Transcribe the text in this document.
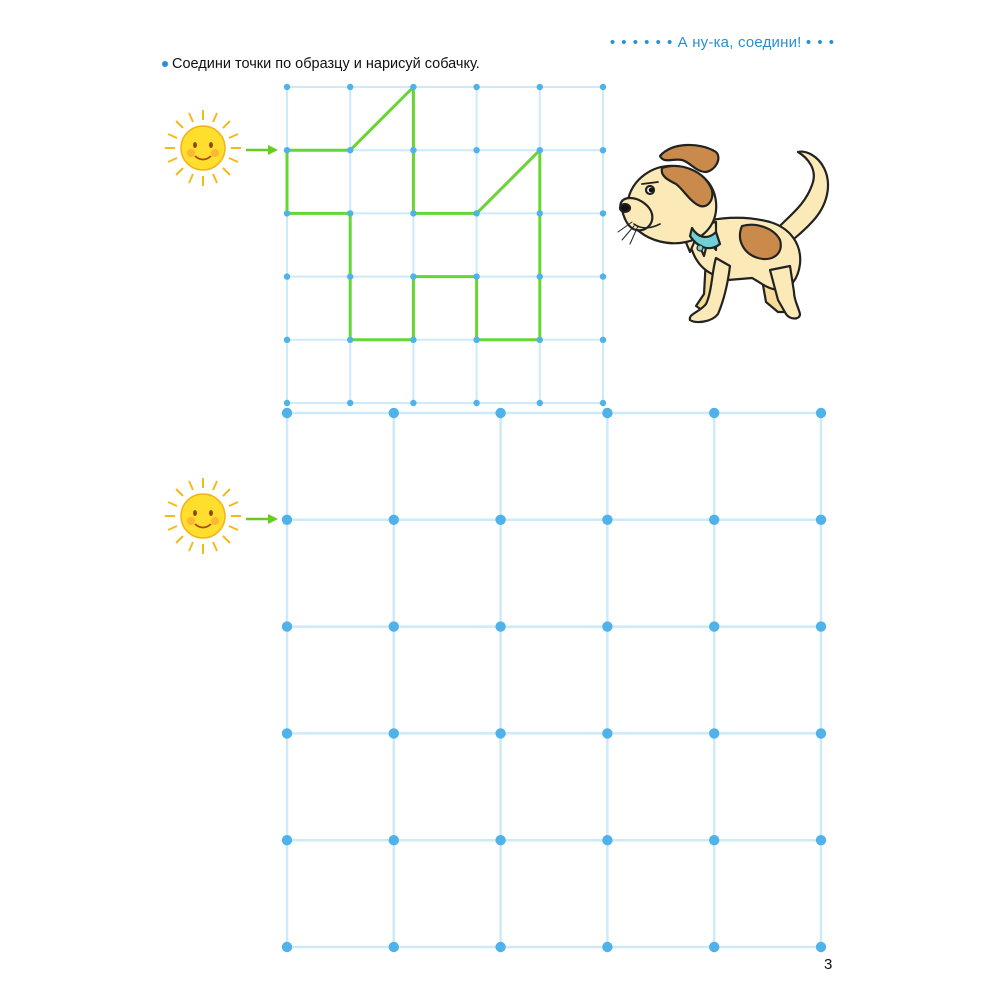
• • • • • • А ну-ка, соедини! • • •
Соедини точки по образцу и нарисуй собачку.
3
